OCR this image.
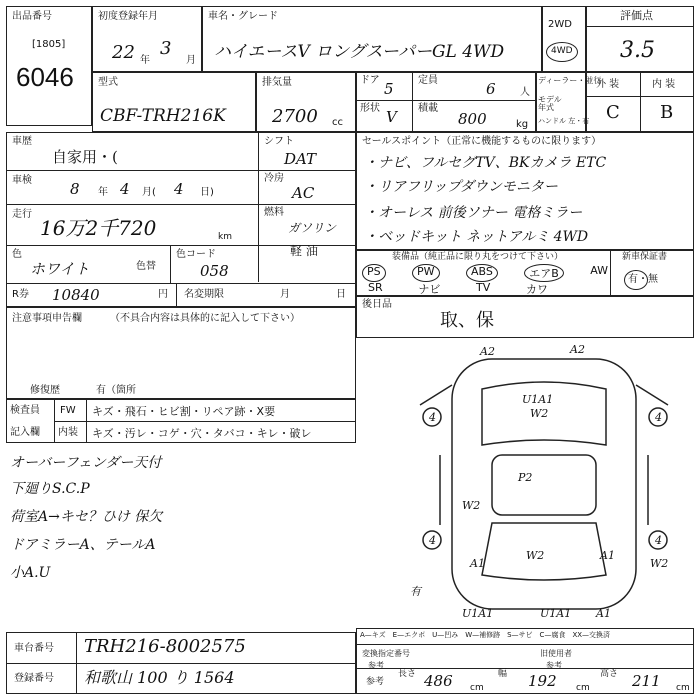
出品番号
[1805]
6046
初度登録年月
22 年
3
月
車名・グレード
ハイエースV ロングスーパーGL 4WD
2WD
4WD
評価点
3.5
型式
CBF-TRH216K
排気量
2700 cc
ドア 5 定員	6 人
形状 V 積載
800	kg
ディーラー・並行
モデル 年式
ハンドル 左・右
外 装	内 装
C B
車歴
自家用・(
シフト
DAT
車検	8 年 4 月( 4 日)
冷房
AC
走行
16万2千720	km
燃料
ガソリン
軽 油
色
ホワイト	色替
色コード
058
R券 10840	円 名変期限	月	日
セールスポイント（正常に機能するものに限ります）
・ナビ、フルセグTV、BKカメラ ETC
・リアフリップダウンモニター
・オーレス 前後ソナー 電格ミラー
・ベッドキット ネットアルミ 4WD
装備品（純正品に限り丸をつけて下さい）	新車保証書
有・無
PS	PW	ABS	エアB	AW
SR	ナビ	TV	カワ
後日品
取、保
注意事項申告欄	（不具合内容は具体的に記入して下さい）
修復歴	有（箇所
検査員
記入欄
FW キズ・飛石・ヒビ割・リペア跡・X要
内装 キズ・汚レ・コゲ・穴・タバコ・キレ・破レ
オーバーフェンダー天付
下廻りS.C.P
荷室A→キセ？ひけ 保欠
ドアミラーA、テールA
小A.U
A2	A2
U1A1
W2
4	4
4	4
P2
W2
W2
A1
A1
W2
有
U1A1	U1A1 A1
A—キズ　E—エクボ　U—凹み　W—補修跡　S—サビ　C—腐食　XX—交換済
変換指定番号
参考
旧使用者
参考
車台番号 TRH216-8002575
登録番号 和歌山 100 り 1564	参考
長さ 486 cm
幅 192 cm
高さ 211 cm
